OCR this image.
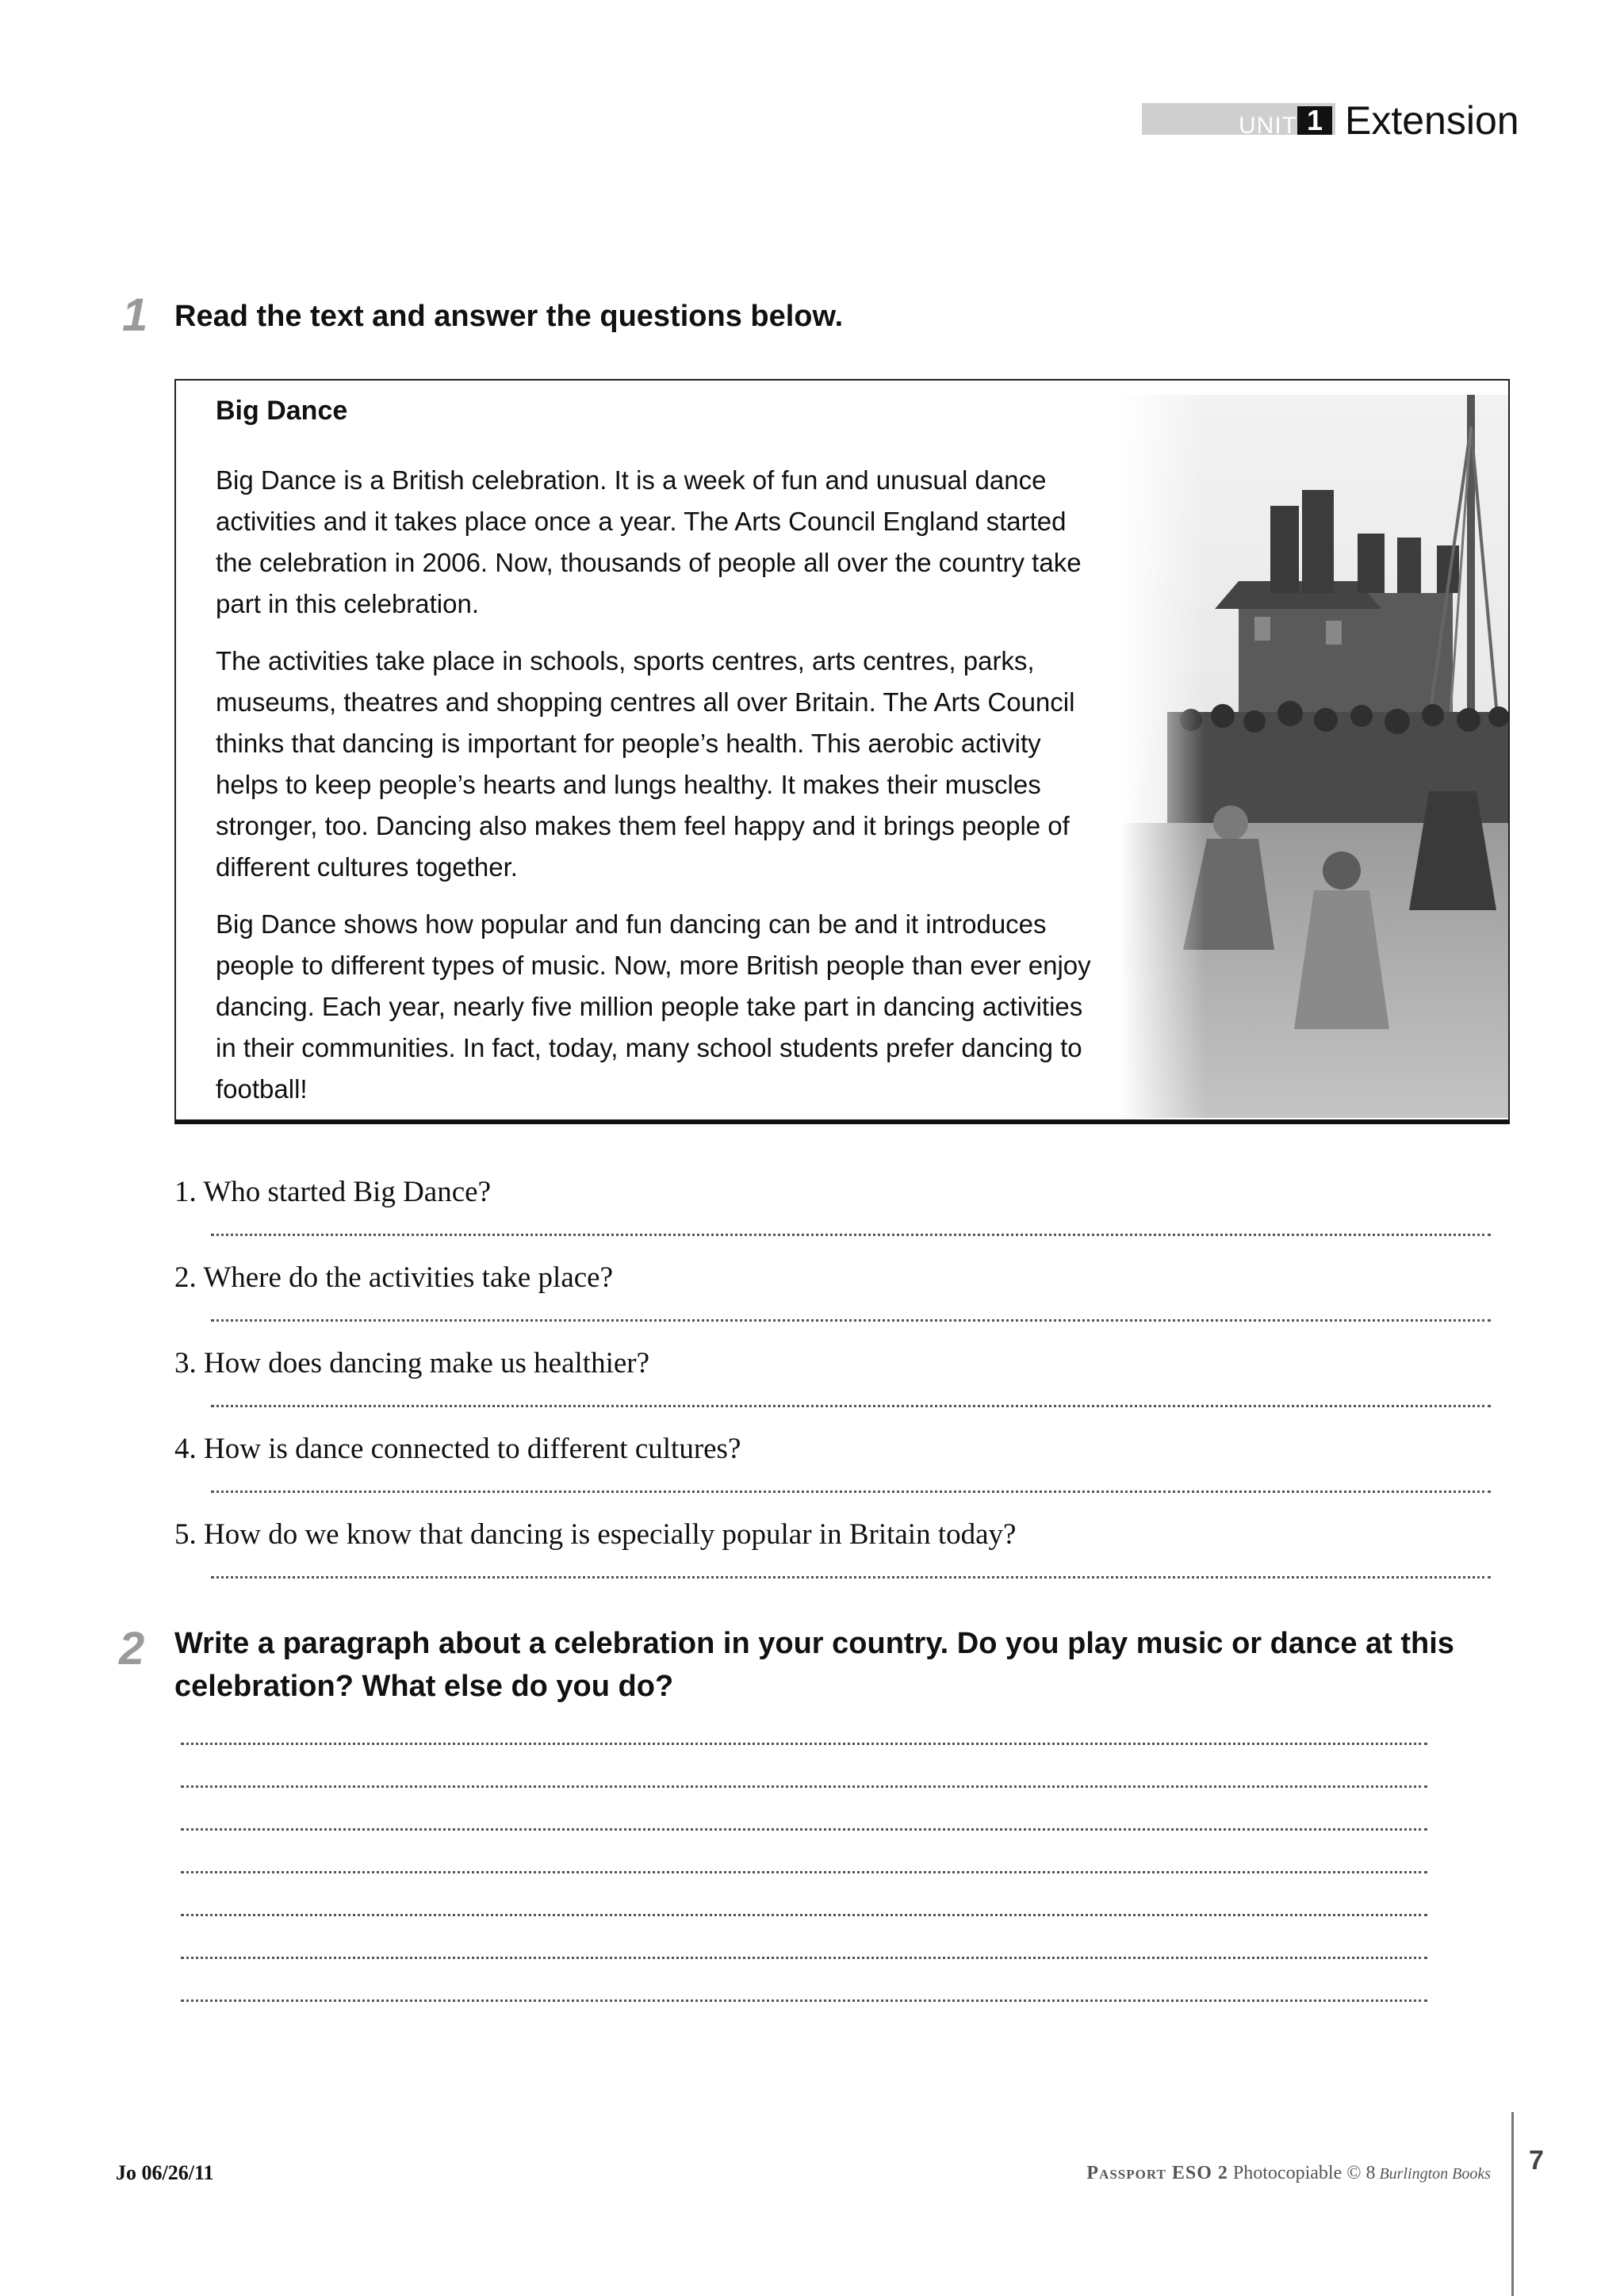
UNIT 1 Extension
1 Read the text and answer the questions below.
Big Dance

Big Dance is a British celebration. It is a week of fun and unusual dance activities and it takes place once a year. The Arts Council England started the celebration in 2006. Now, thousands of people all over the country take part in this celebration.

The activities take place in schools, sports centres, arts centres, parks, museums, theatres and shopping centres all over Britain. The Arts Council thinks that dancing is important for people’s health. This aerobic activity helps to keep people’s hearts and lungs healthy. It makes their muscles stronger, too. Dancing also makes them feel happy and it brings people of different cultures together.

Big Dance shows how popular and fun dancing can be and it introduces people to different types of music. Now, more British people than ever enjoy dancing. Each year, nearly five million people take part in dancing activities in their communities. In fact, today, many school students prefer dancing to football!

1. Who started Big Dance?
2. Where do the activities take place?
3. How does dancing make us healthier?
4. How is dance connected to different cultures?
5. How do we know that dancing is especially popular in Britain today?
2 Write a paragraph about a celebration in your country. Do you play music or dance at this celebration? What else do you do?
Jo 06/26/11	Passport ESO 2 Photocopiable © 8 Burlington Books 7
